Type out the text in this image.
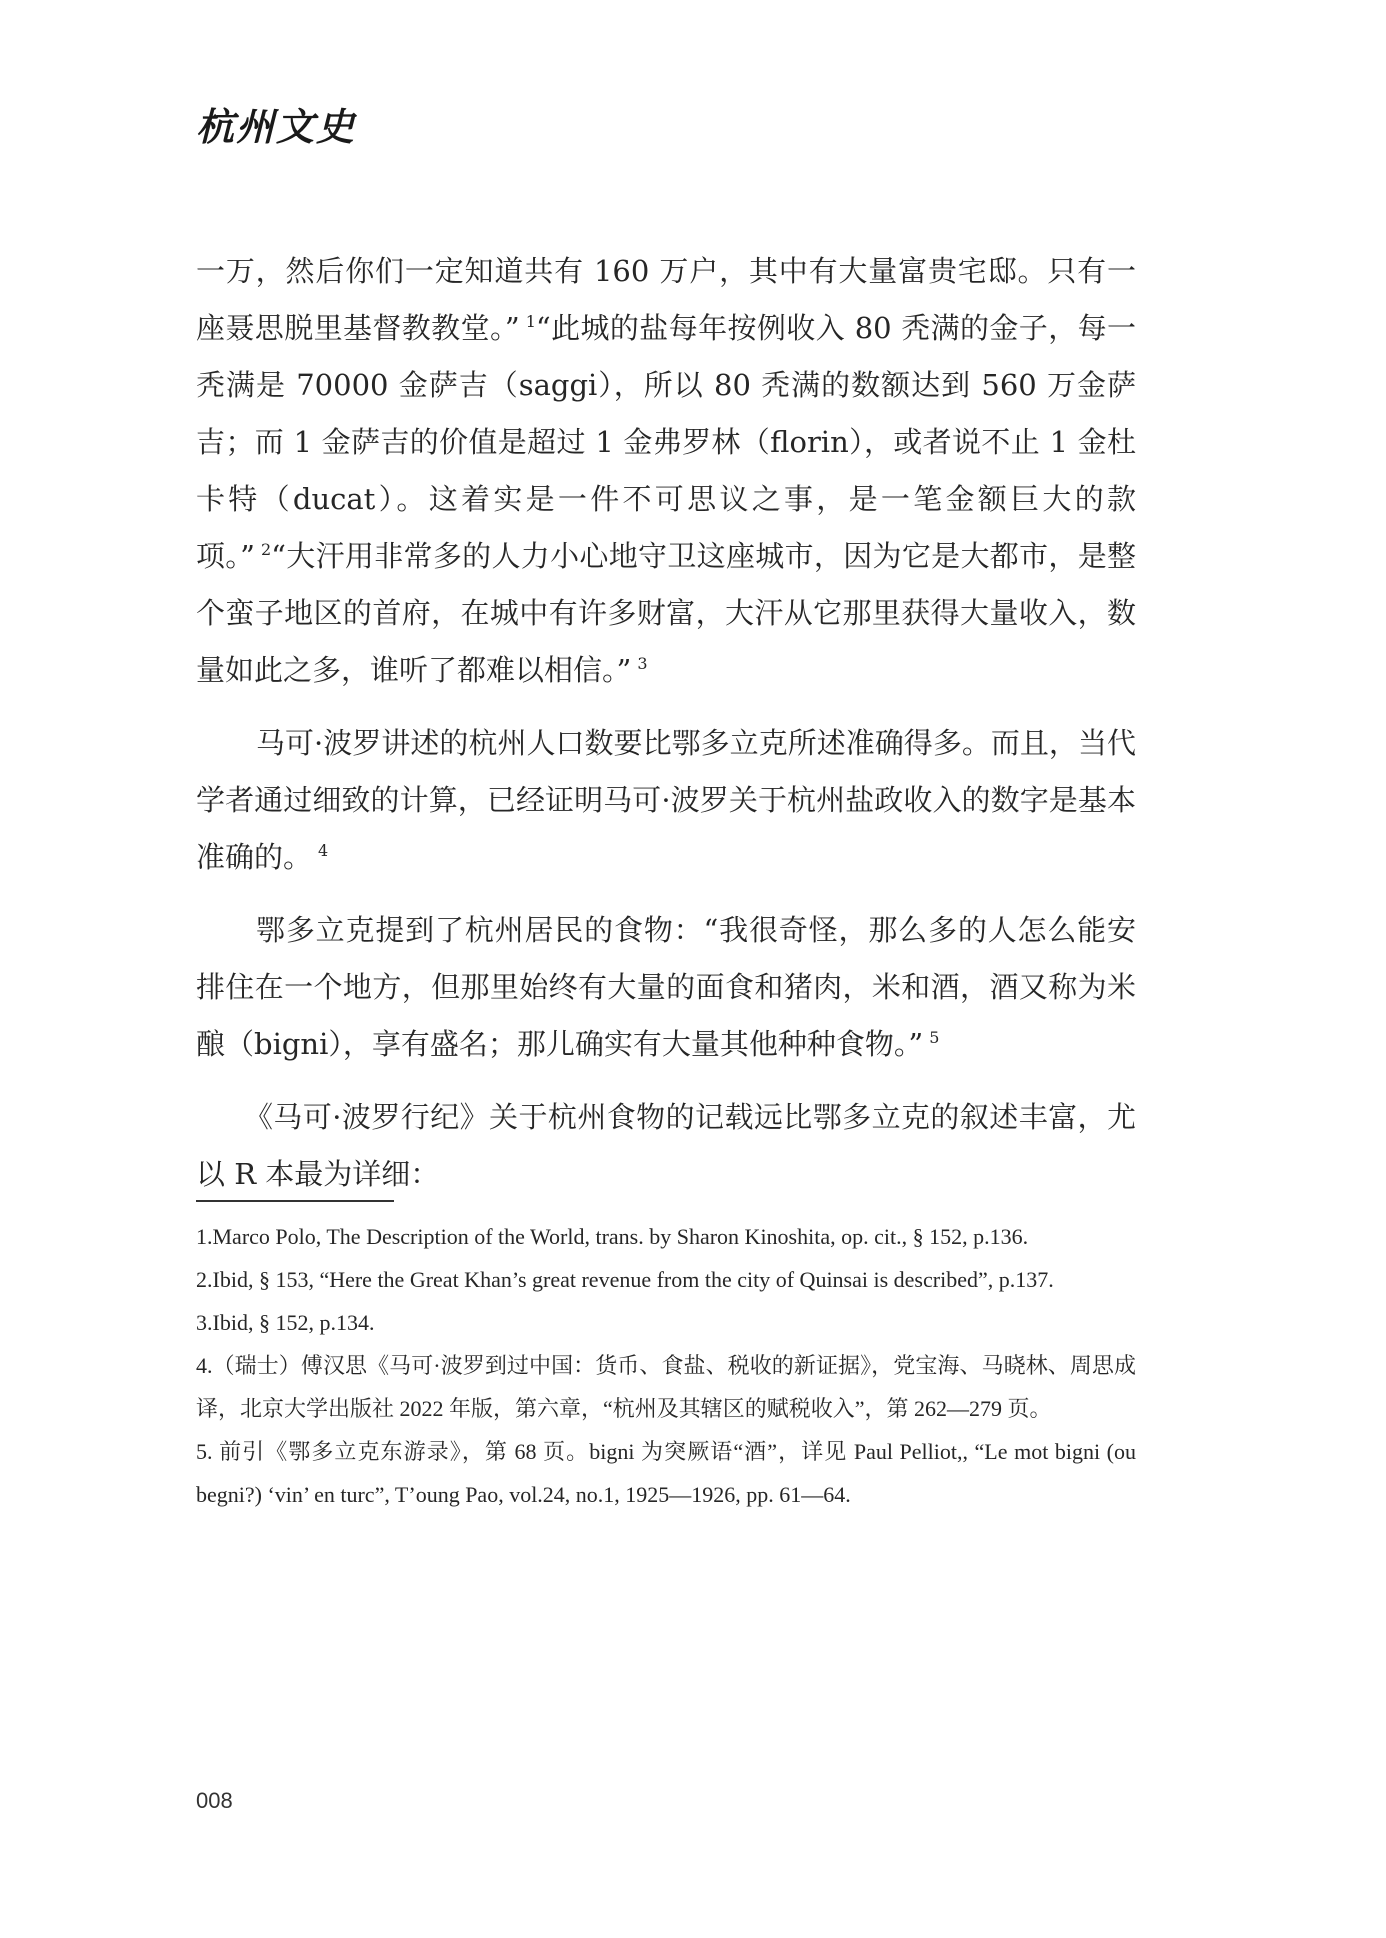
杭州文史

一万，然后你们一定知道共有 160 万户，其中有大量富贵宅邸。只有一座聂思脱里基督教教堂。” $^1$“此城的盐每年按例收入 80 秃满的金子，每一秃满是 70000 金萨吉（saggi），所以 80 秃满的数额达到 560 万金萨吉；而 1 金萨吉的价值是超过 1 金弗罗林（florin），或者说不止 1 金杜卡特（ducat）。这着实是一件不可思议之事，是一笔金额巨大的款项。” $^2$“大汗用非常多的人力小心地守卫这座城市，因为它是大都市，是整个蛮子地区的首府，在城中有许多财富，大汗从它那里获得大量收入，数量如此之多，谁听了都难以相信。” $^3$

马可·波罗讲述的杭州人口数要比鄂多立克所述准确得多。而且，当代学者通过细致的计算，已经证明马可·波罗关于杭州盐政收入的数字是基本准确的。 $^4$

鄂多立克提到了杭州居民的食物：“我很奇怪，那么多的人怎么能安排住在一个地方，但那里始终有大量的面食和猪肉，米和酒，酒又称为米酿（bigni），享有盛名；那儿确实有大量其他种种食物。” $^5$

《马可·波罗行纪》关于杭州食物的记载远比鄂多立克的叙述丰富，尤以 R 本最为详细：

1.Marco Polo, The Description of the World, trans. by Sharon Kinoshita, op. cit., § 152, p.136.

2.Ibid, § 153, “Here the Great Khan’s great revenue from the city of Quinsai is described”, p.137.

3.Ibid, § 152, p.134.

4.（瑞士）傅汉思《马可·波罗到过中国：货币、食盐、税收的新证据》，党宝海、马晓林、周思成译，北京大学出版社 2022 年版，第六章，“杭州及其辖区的赋税收入”，第 262—279 页。

5. 前引《鄂多立克东游录》，第 68 页。bigni 为突厥语“酒”，详见 Paul Pelliot,, “Le mot bigni (ou begni?) ‘vin’ en turc”, T’oung Pao, vol.24, no.1, 1925—1926, pp. 61—64.

008
